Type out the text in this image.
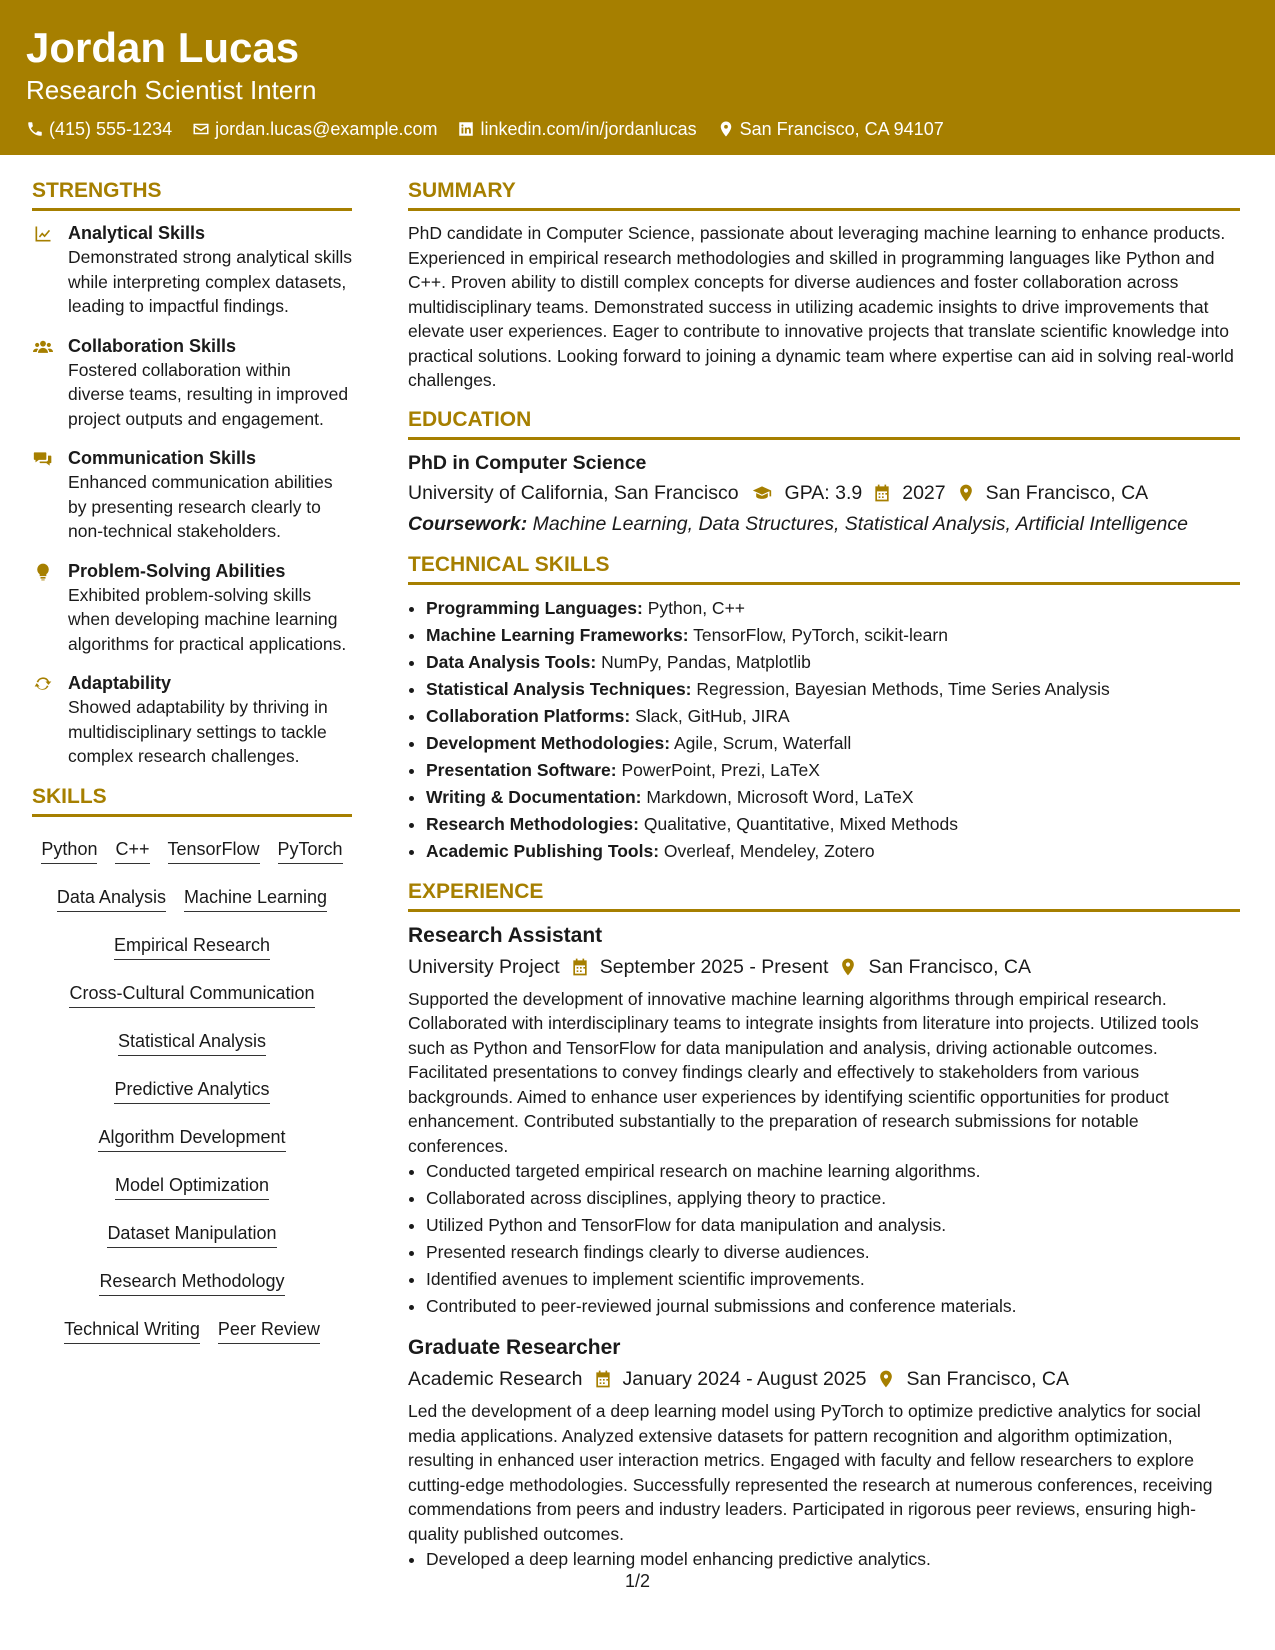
Jordan Lucas
Research Scientist Intern
(415) 555-1234 jordan.lucas@example.com linkedin.com/in/jordanlucas San Francisco, CA 94107
STRENGTHS
Analytical Skills
Demonstrated strong analytical skills while interpreting complex datasets, leading to impactful findings.
Collaboration Skills
Fostered collaboration within diverse teams, resulting in improved project outputs and engagement.
Communication Skills
Enhanced communication abilities by presenting research clearly to non-technical stakeholders.
Problem-Solving Abilities
Exhibited problem-solving skills when developing machine learning algorithms for practical applications.
Adaptability
Showed adaptability by thriving in multidisciplinary settings to tackle complex research challenges.
SKILLS
Python C++ TensorFlow PyTorch
Data Analysis Machine Learning
Empirical Research
Cross-Cultural Communication
Statistical Analysis
Predictive Analytics
Algorithm Development
Model Optimization
Dataset Manipulation
Research Methodology
Technical Writing Peer Review
SUMMARY

PhD candidate in Computer Science, passionate about leveraging machine learning to enhance products. Experienced in empirical research methodologies and skilled in programming languages like Python and C++. Proven ability to distill complex concepts for diverse audiences and foster collaboration across multidisciplinary teams. Demonstrated success in utilizing academic insights to drive improvements that elevate user experiences. Eager to contribute to innovative projects that translate scientific knowledge into practical solutions. Looking forward to joining a dynamic team where expertise can aid in solving real-world challenges.

EDUCATION
PhD in Computer Science
University of California, San Francisco GPA: 3.9 2027 San Francisco, CA
Coursework: Machine Learning, Data Structures, Statistical Analysis, Artificial Intelligence
TECHNICAL SKILLS
• Programming Languages: Python, C++
• Machine Learning Frameworks: TensorFlow, PyTorch, scikit-learn
• Data Analysis Tools: NumPy, Pandas, Matplotlib
• Statistical Analysis Techniques: Regression, Bayesian Methods, Time Series Analysis
• Collaboration Platforms: Slack, GitHub, JIRA
• Development Methodologies: Agile, Scrum, Waterfall
• Presentation Software: PowerPoint, Prezi, LaTeX
• Writing & Documentation: Markdown, Microsoft Word, LaTeX
• Research Methodologies: Qualitative, Quantitative, Mixed Methods
• Academic Publishing Tools: Overleaf, Mendeley, Zotero
EXPERIENCE
Research Assistant
University Project September 2025 - Present San Francisco, CA

Supported the development of innovative machine learning algorithms through empirical research. Collaborated with interdisciplinary teams to integrate insights from literature into projects. Utilized tools such as Python and TensorFlow for data manipulation and analysis, driving actionable outcomes. Facilitated presentations to convey findings clearly and effectively to stakeholders from various backgrounds. Aimed to enhance user experiences by identifying scientific opportunities for product enhancement. Contributed substantially to the preparation of research submissions for notable conferences.

• Conducted targeted empirical research on machine learning algorithms.
• Collaborated across disciplines, applying theory to practice.
• Utilized Python and TensorFlow for data manipulation and analysis.
• Presented research findings clearly to diverse audiences.
• Identified avenues to implement scientific improvements.
• Contributed to peer-reviewed journal submissions and conference materials.
Graduate Researcher
Academic Research January 2024 - August 2025 San Francisco, CA

Led the development of a deep learning model using PyTorch to optimize predictive analytics for social media applications. Analyzed extensive datasets for pattern recognition and algorithm optimization, resulting in enhanced user interaction metrics. Engaged with faculty and fellow researchers to explore cutting-edge methodologies. Successfully represented the research at numerous conferences, receiving commendations from peers and industry leaders. Participated in rigorous peer reviews, ensuring high-quality published outcomes.

• Developed a deep learning model enhancing predictive analytics.
1/2
